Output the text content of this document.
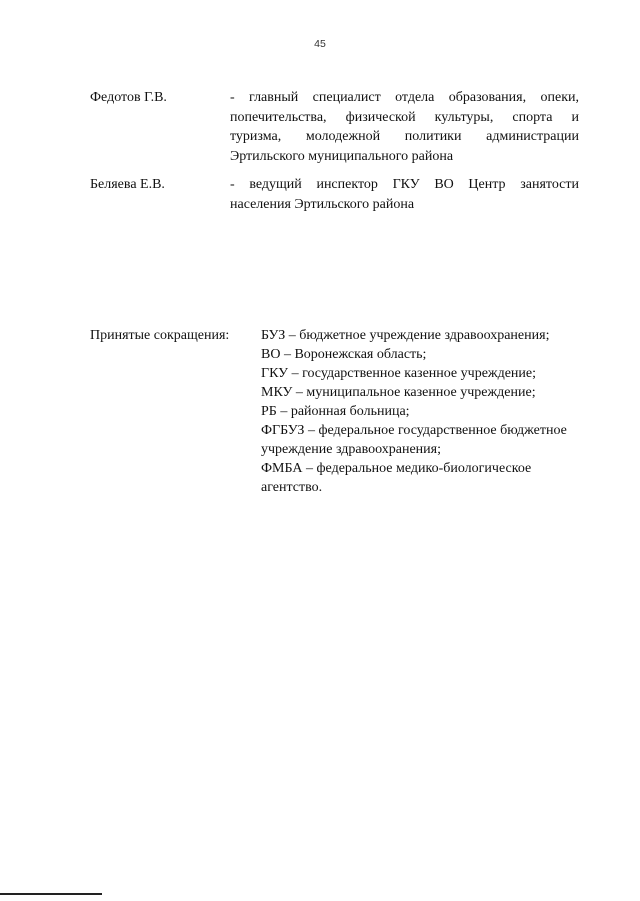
45
Федотов Г.В.	- главный специалист отдела образования, опеки,
попечительства, физической культуры, спорта и
туризма, молодежной политики администрации
Эртильского муниципального района
Беляева Е.В.	- ведущий инспектор ГКУ ВО Центр занятости
населения Эртильского района
Принятые сокращения: БУЗ – бюджетное учреждение здравоохранения;
ВО – Воронежская область;
ГКУ – государственное казенное учреждение;
МКУ – муниципальное казенное учреждение;
РБ – районная больница;
ФГБУЗ – федеральное государственное бюджетное
учреждение здравоохранения;
ФМБА – федеральное медико-биологическое
агентство.
